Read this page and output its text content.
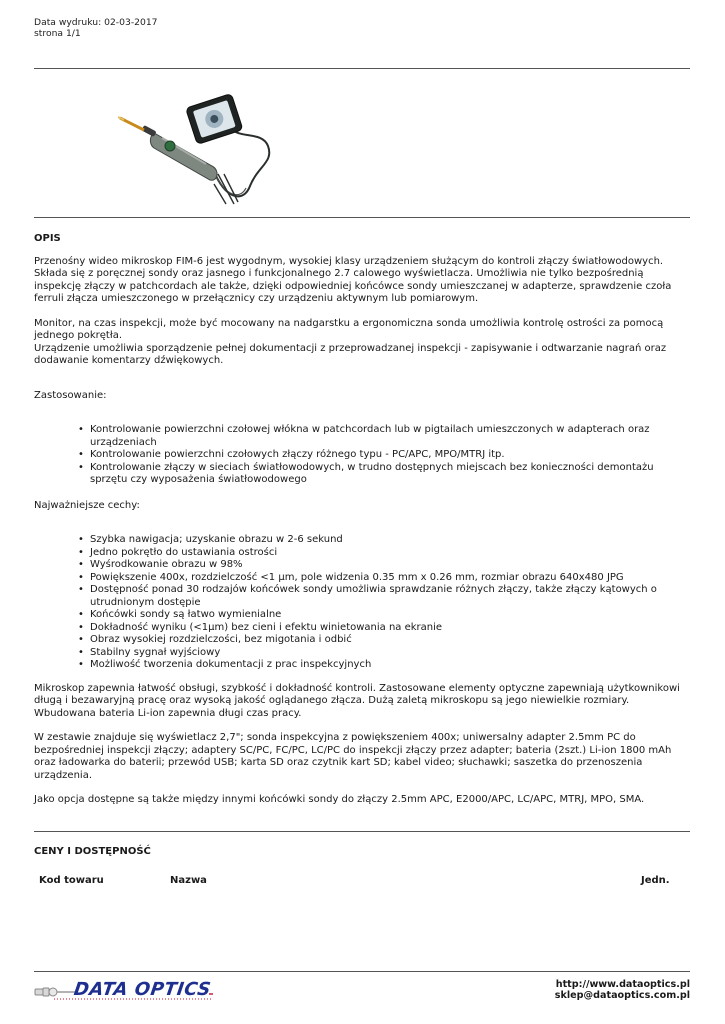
Data wydruku: 02-03-2017
strona 1/1
OPIS

Przenośny wideo mikroskop FIM-6 jest wygodnym, wysokiej klasy urządzeniem służącym do kontroli złączy światłowodowych. Składa się z poręcznej sondy oraz jasnego i funkcjonalnego 2.7 calowego wyświetlacza. Umożliwia nie tylko bezpośrednią inspekcję złączy w patchcordach ale także, dzięki odpowiedniej końcówce sondy umieszczanej w adapterze, sprawdzenie czoła ferruli złącza umieszczonego w przełącznicy czy urządzeniu aktywnym lub pomiarowym.

Monitor, na czas inspekcji, może być mocowany na nadgarstku a ergonomiczna sonda umożliwia kontrolę ostrości za pomocą jednego pokrętła.

Urządzenie umożliwia sporządzenie pełnej dokumentacji z przeprowadzanej inspekcji - zapisywanie i odtwarzanie nagrań oraz dodawanie komentarzy dźwiękowych.

Zastosowanie:

• Kontrolowanie powierzchni czołowej włókna w patchcordach lub w pigtailach umieszczonych w adapterach oraz urządzeniach
• Kontrolowanie powierzchni czołowych złączy różnego typu - PC/APC, MPO/MTRJ itp.
• Kontrolowanie złączy w sieciach światłowodowych, w trudno dostępnych miejscach bez konieczności demontażu sprzętu czy wyposażenia światłowodowego

Najważniejsze cechy:

• Szybka nawigacja; uzyskanie obrazu w 2-6 sekund
• Jedno pokrętło do ustawiania ostrości
• Wyśrodkowanie obrazu w 98%
• Powiększenie 400x, rozdzielczość <1 μm, pole widzenia 0.35 mm x 0.26 mm, rozmiar obrazu 640x480 JPG
• Dostępność ponad 30 rodzajów końcówek sondy umożliwia sprawdzanie różnych złączy, także złączy kątowych o utrudnionym dostępie
• Końcówki sondy są łatwo wymienialne
• Dokładność wyniku (<1μm) bez cieni i efektu winietowania na ekranie
• Obraz wysokiej rozdzielczości, bez migotania i odbić
• Stabilny sygnał wyjściowy
• Możliwość tworzenia dokumentacji z prac inspekcyjnych

Mikroskop zapewnia łatwość obsługi, szybkość i dokładność kontroli. Zastosowane elementy optyczne zapewniają użytkownikowi długą i bezawaryjną pracę oraz wysoką jakość oglądanego złącza. Dużą zaletą mikroskopu są jego niewielkie rozmiary. Wbudowana bateria Li-ion zapewnia długi czas pracy.

W zestawie znajduje się wyświetlacz 2,7"; sonda inspekcyjna z powiększeniem 400x; uniwersalny adapter 2.5mm PC do bezpośredniej inspekcji złączy; adaptery SC/PC, FC/PC, LC/PC do inspekcji złączy przez adapter; bateria (2szt.) Li-ion 1800 mAh oraz ładowarka do baterii; przewód USB; karta SD oraz czytnik kart SD; kabel video; słuchawki; saszetka do przenoszenia urządzenia.

Jako opcja dostępne są także między innymi końcówki sondy do złączy 2.5mm APC, E2000/APC, LC/APC, MTRJ, MPO, SMA.

CENY I DOSTĘPNOŚĆ
Kod towaru	Nazwa	Jedn.
DATA OPTICS	http://www.dataoptics.pl
sklep@dataoptics.com.pl
